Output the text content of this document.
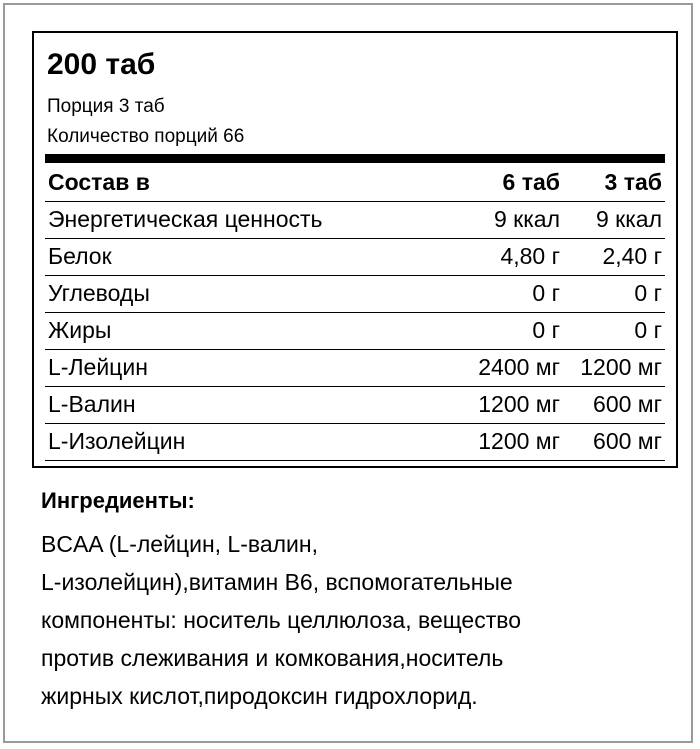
200 таб
Порция 3 таб
Количество порций 66
Состав в	6 таб 3 таб
Энергетическая ценность	9 ккал 9 ккал
Белок	4,80 г 2,40 г
Углеводы	0 г	0 г
Жиры	0 г	0 г
L-Лейцин	2400 мг 1200 мг
L-Валин	1200 мг 600 мг
L-Изолейцин	1200 мг 600 мг
Ингредиенты:
BCAA (L-лейцин, L-валин,
L-изолейцин),витамин В6, вспомогательные
компоненты: носитель целлюлоза, вещество
против слеживания и комкования,носитель
жирных кислот,пиродоксин гидрохлорид.
